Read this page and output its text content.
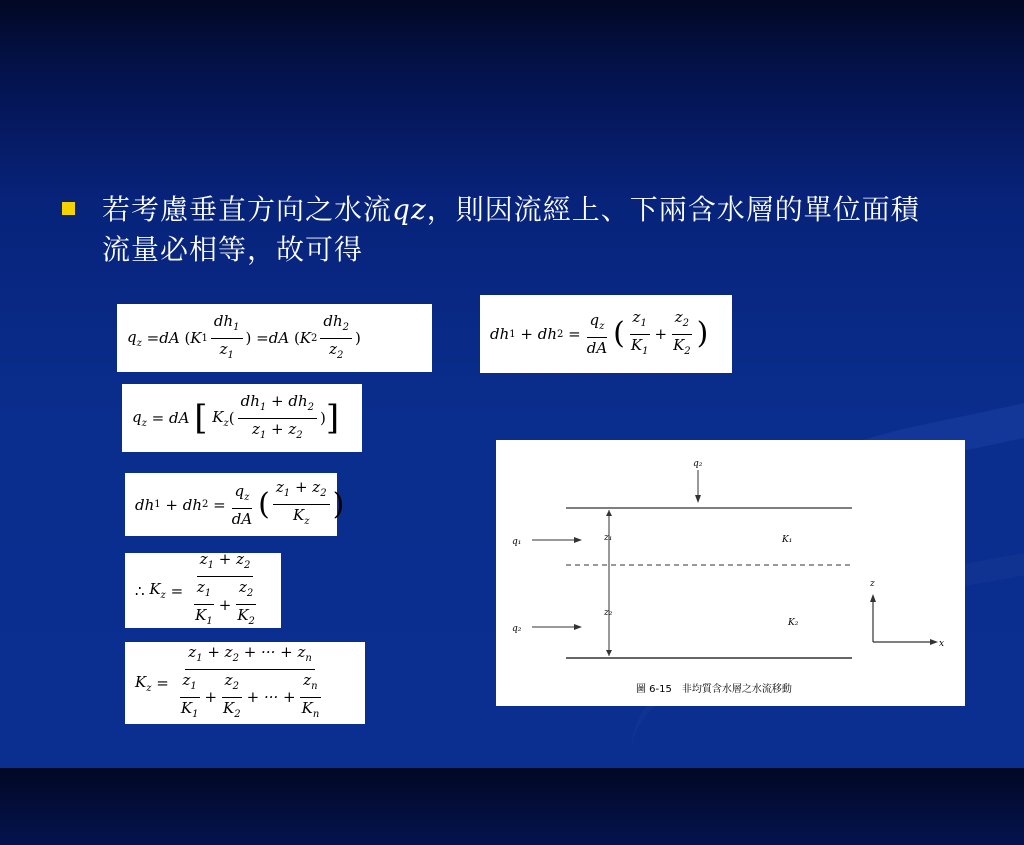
若考慮垂直方向之水流qz，則因流經上、下兩含水層的單位面積流量必相等，故可得
$q_z$ = dA ( K $1 \frac{dh_1}{z_1}$ ) = dA ( K $2 \frac{dh_2}{z_2}$ )	dh 1 + dh $2 = \frac{q_z}{dA}$ ( $\frac{z_1}{K_1} + \frac{z_2}{K_2}$ )
$q_z$ = dA
[
$K_z$ ( $\frac{dh_1 + dh_2}{z_1 + z_2}$ ) ]
dh 1 + dh $2 = \frac{q_z}{dA}$ ( $\frac{z_1 + z_2}{K_z}$ )
∴ $K_z = \frac{z_1 + z_2}{\frac{z_1}{K_1} + \frac{z_2}{K_2}}$
$K_z = \frac{z_1 + z_2 + \cdot\cdot\cdot + z_n}{\frac{z_1}{K_1} + \frac{z_2}{K_2} + \cdot\cdot\cdot + \frac{z_n}{K_n}}$
q₂
q₁
q₂
z₁
z₂
K₁
K₂
z
x
圖 6-15　非均質含水層之水流移動
